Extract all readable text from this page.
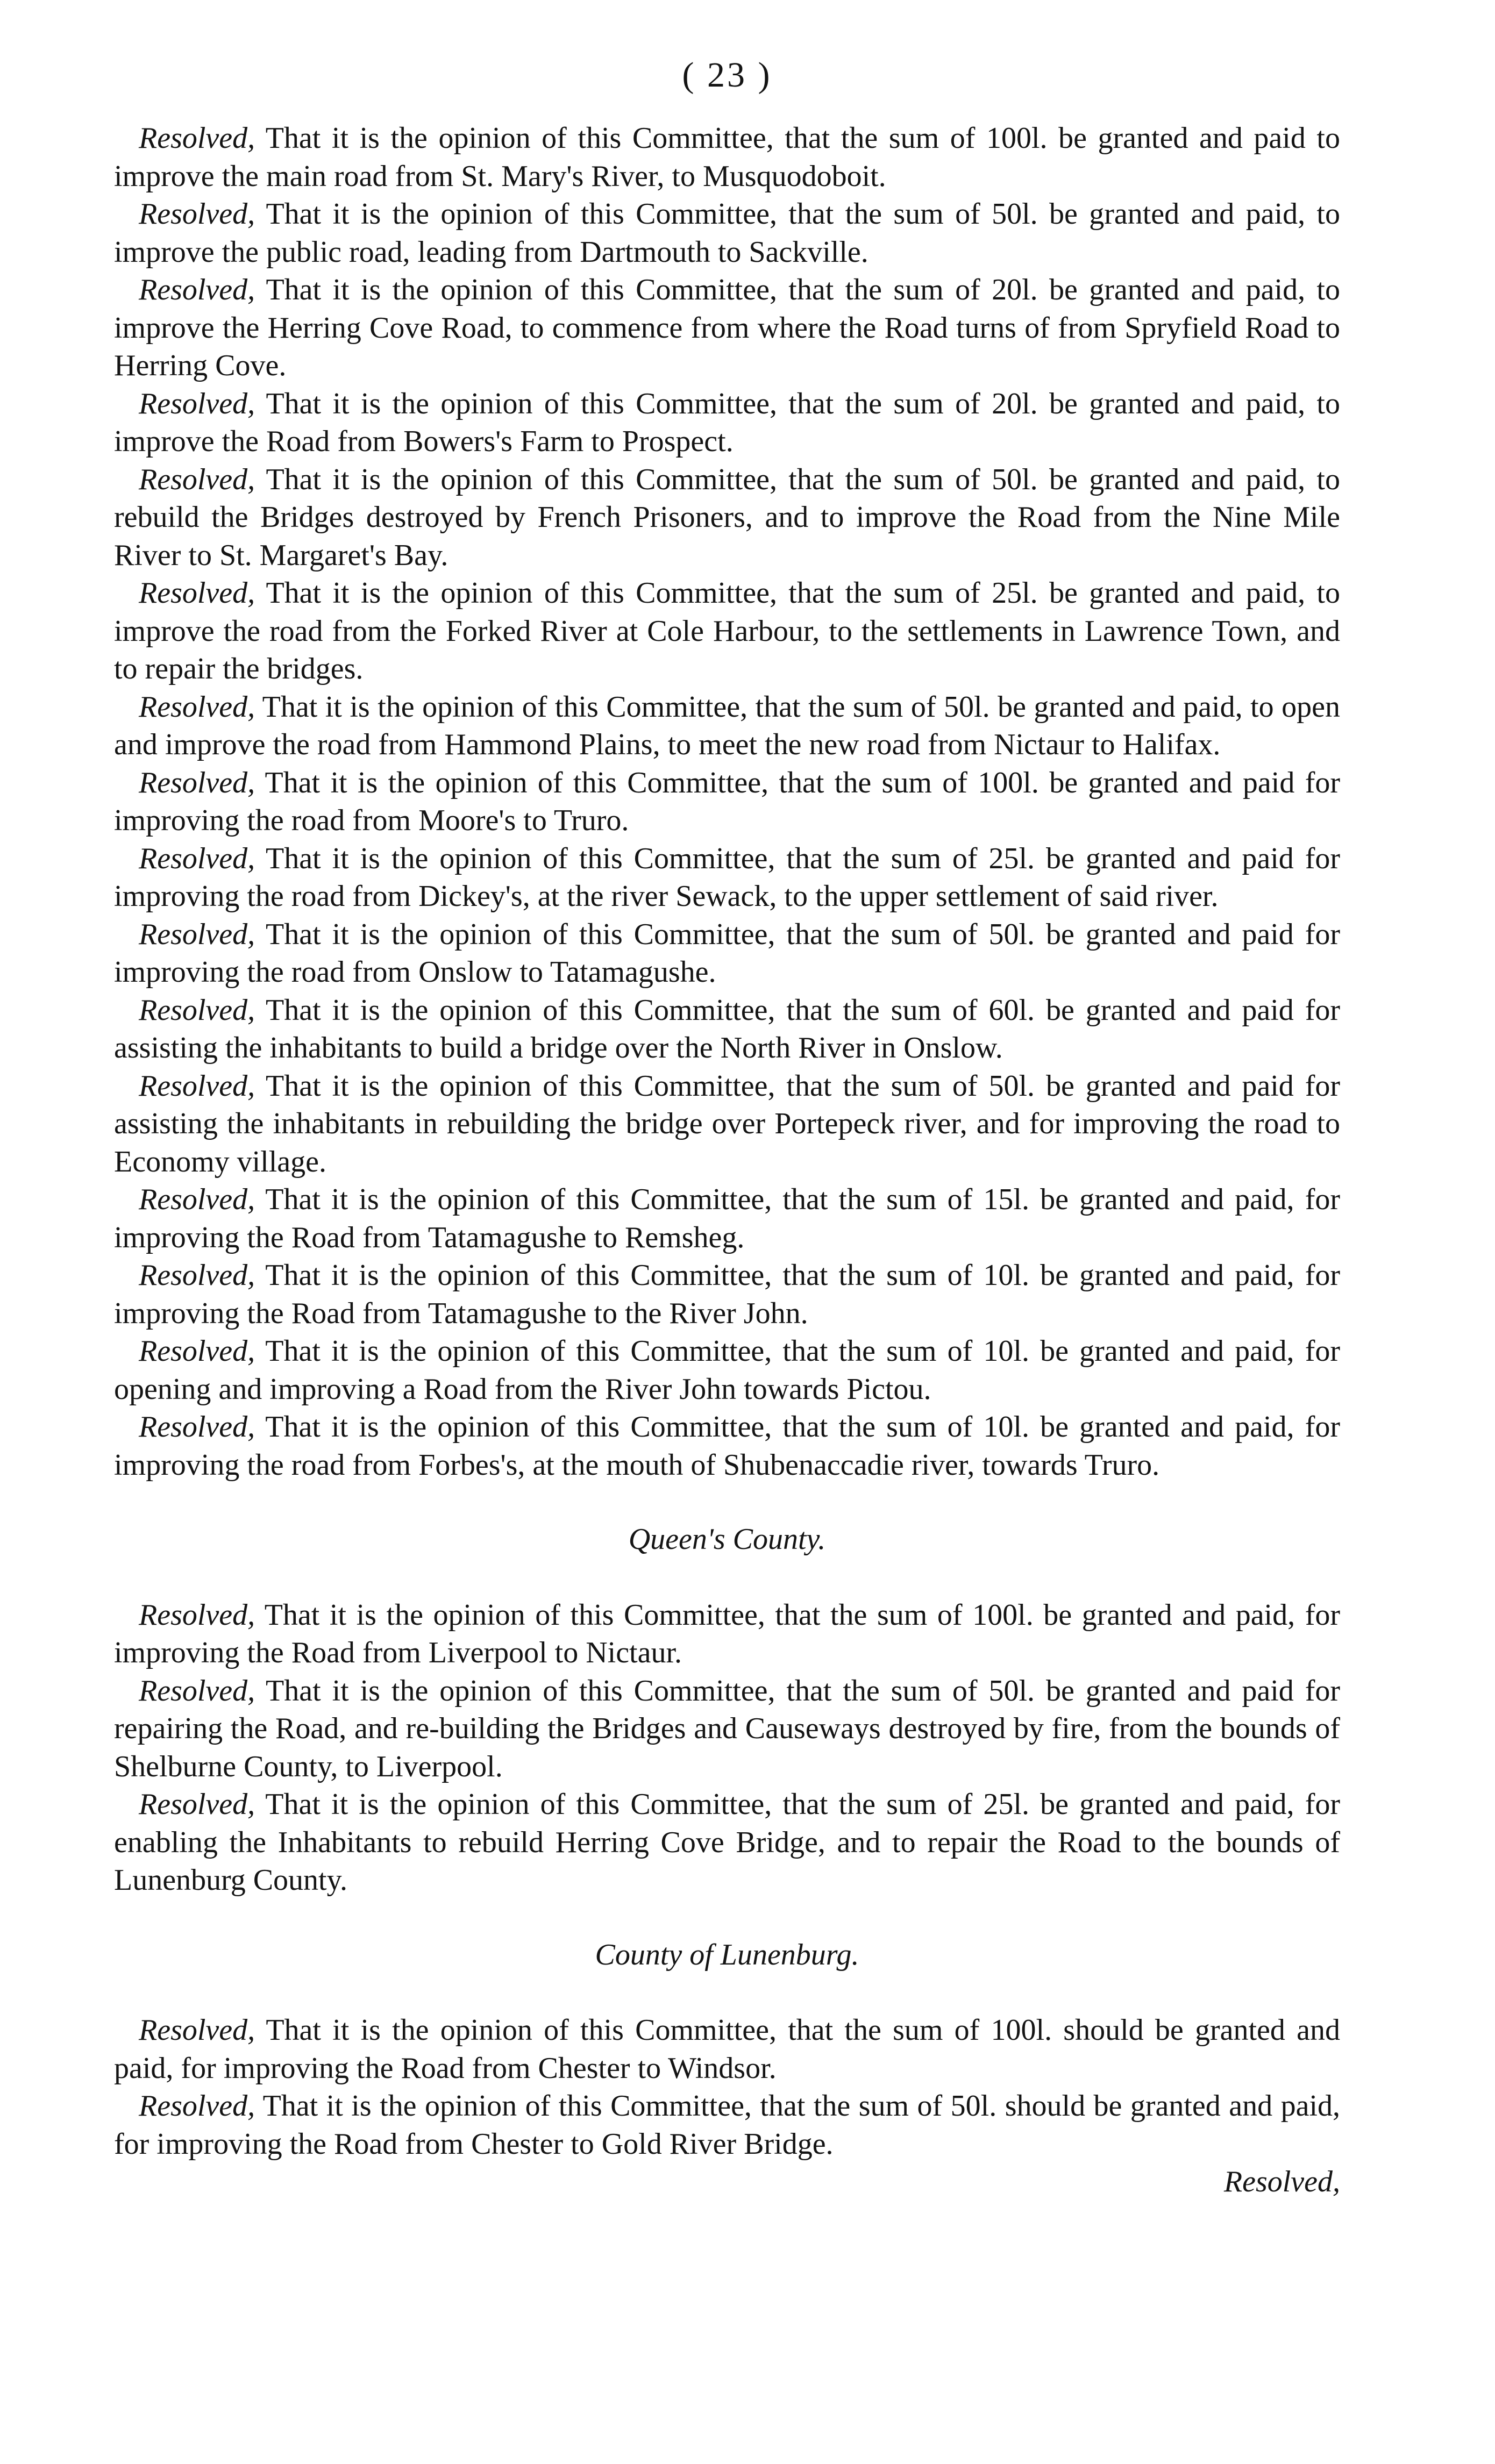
( 23 )

Resolved, That it is the opinion of this Committee, that the sum of 100l. be granted and paid to improve the main road from St. Mary's River, to Musquodoboit.

Resolved, That it is the opinion of this Committee, that the sum of 50l. be granted and paid, to improve the public road, leading from Dartmouth to Sackville.

Resolved, That it is the opinion of this Committee, that the sum of 20l. be granted and paid, to improve the Herring Cove Road, to commence from where the Road turns of from Spryfield Road to Herring Cove.

Resolved, That it is the opinion of this Committee, that the sum of 20l. be granted and paid, to improve the Road from Bowers's Farm to Prospect.

Resolved, That it is the opinion of this Committee, that the sum of 50l. be granted and paid, to rebuild the Bridges destroyed by French Prisoners, and to improve the Road from the Nine Mile River to St. Margaret's Bay.

Resolved, That it is the opinion of this Committee, that the sum of 25l. be granted and paid, to improve the road from the Forked River at Cole Harbour, to the settlements in Lawrence Town, and to repair the bridges.

Resolved, That it is the opinion of this Committee, that the sum of 50l. be granted and paid, to open and improve the road from Hammond Plains, to meet the new road from Nictaur to Halifax.

Resolved, That it is the opinion of this Committee, that the sum of 100l. be granted and paid for improving the road from Moore's to Truro.

Resolved, That it is the opinion of this Committee, that the sum of 25l. be granted and paid for improving the road from Dickey's, at the river Sewack, to the upper settlement of said river.

Resolved, That it is the opinion of this Committee, that the sum of 50l. be granted and paid for improving the road from Onslow to Tatamagushe.

Resolved, That it is the opinion of this Committee, that the sum of 60l. be granted and paid for assisting the inhabitants to build a bridge over the North River in Onslow.

Resolved, That it is the opinion of this Committee, that the sum of 50l. be granted and paid for assisting the inhabitants in rebuilding the bridge over Portepeck river, and for improving the road to Economy village.

Resolved, That it is the opinion of this Committee, that the sum of 15l. be granted and paid, for improving the Road from Tatamagushe to Remsheg.

Resolved, That it is the opinion of this Committee, that the sum of 10l. be granted and paid, for improving the Road from Tatamagushe to the River John.

Resolved, That it is the opinion of this Committee, that the sum of 10l. be granted and paid, for opening and improving a Road from the River John towards Pictou.

Resolved, That it is the opinion of this Committee, that the sum of 10l. be granted and paid, for improving the road from Forbes's, at the mouth of Shubenaccadie river, towards Truro.

Queen's County.

Resolved, That it is the opinion of this Committee, that the sum of 100l. be granted and paid, for improving the Road from Liverpool to Nictaur.

Resolved, That it is the opinion of this Committee, that the sum of 50l. be granted and paid for repairing the Road, and re-building the Bridges and Causeways destroyed by fire, from the bounds of Shelburne County, to Liverpool.

Resolved, That it is the opinion of this Committee, that the sum of 25l. be granted and paid, for enabling the Inhabitants to rebuild Herring Cove Bridge, and to repair the Road to the bounds of Lunenburg County.

County of Lunenburg.

Resolved, That it is the opinion of this Committee, that the sum of 100l. should be granted and paid, for improving the Road from Chester to Windsor.

Resolved, That it is the opinion of this Committee, that the sum of 50l. should be granted and paid, for improving the Road from Chester to Gold River Bridge.

Resolved,
